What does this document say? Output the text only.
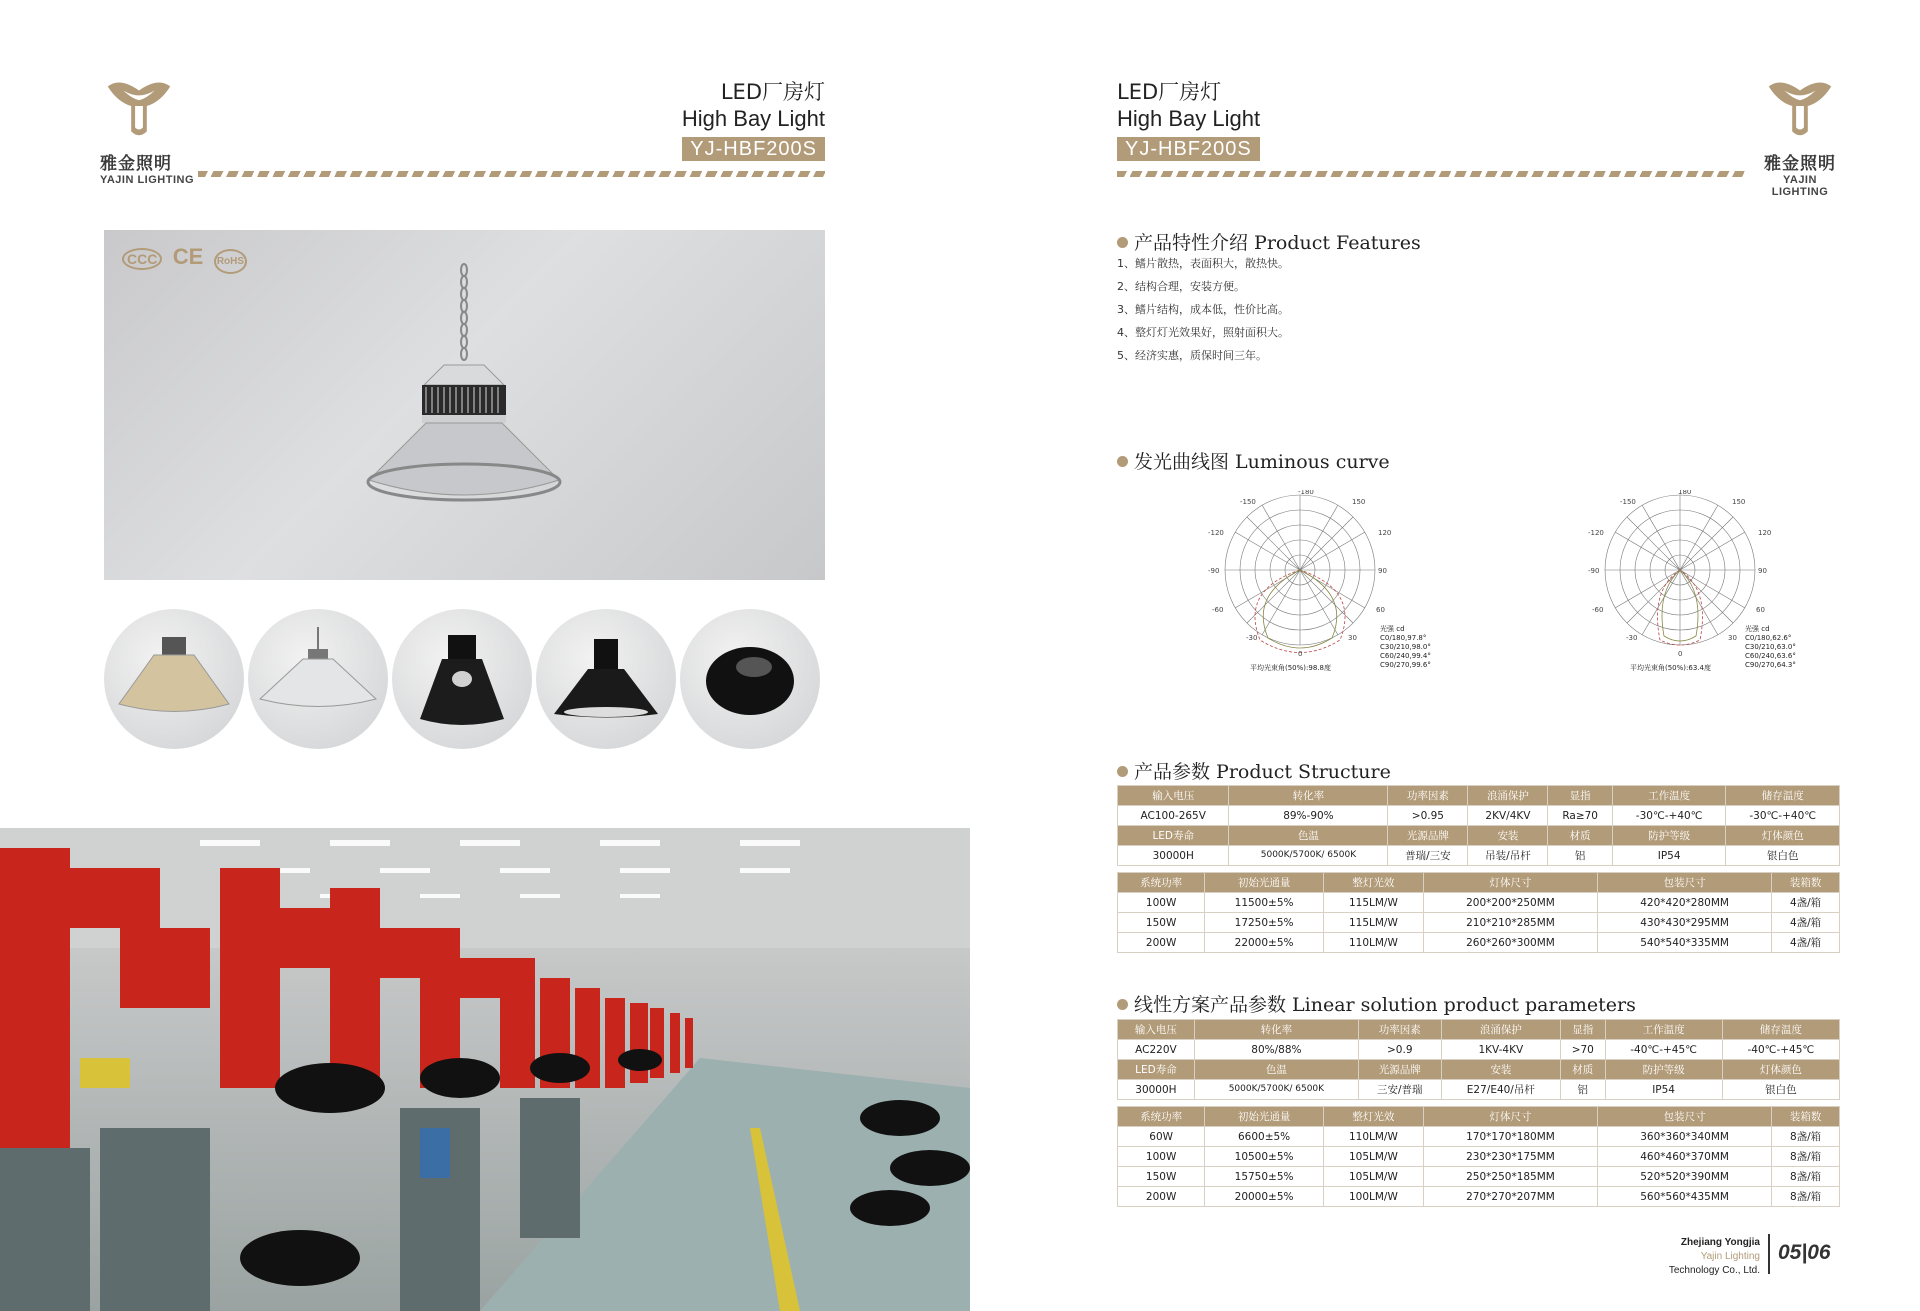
雅金照明
YAJIN LIGHTING
LED厂房灯
High Bay Light
YJ-HBF200S
CCC CE RoHS
LED厂房灯
High Bay Light
YJ-HBF200S
雅金照明
YAJIN LIGHTING
产品特性介绍 Product Features
1、鳍片散热，表面积大，散热快。
2、结构合理，安装方便。
3、鳍片结构，成本低，性价比高。
4、整灯灯光效果好，照射面积大。
5、经济实惠，质保时间三年。
发光曲线图 Luminous curve
-180
-150	150
-120	120
-90	90
-60	60
-30	30
0
光强 cd
C0/180,97.8°
C30/210,98.0°
C60/240,99.4°
C90/270,99.6°
平均光束角(50%):98.8度
180
-150	150
-120	120
-90	90
-60	60
-30	30
0
光强 cd
C0/180,62.6°
C30/210,63.0°
C60/240,63.6°
C90/270,64.3°
平均光束角(50%):63.4度
产品参数 Product Structure
输入电压	转化率	功率因素	浪涌保护	显指	工作温度	储存温度
AC100-265V	89%-90%	>0.95	2KV/4KV	Ra≥70	-30℃-+40℃	-30℃-+40℃
LED寿命	色温	光源品牌	安装	材质	防护等级	灯体颜色
30000H	5000K/5700K/ 6500K	普瑞/三安	吊装/吊杆	铝	IP54	银白色
系统功率	初始光通量	整灯光效	灯体尺寸	包装尺寸	装箱数
100W	11500±5%	115LM/W	200*200*250MM	420*420*280MM	4盏/箱
150W	17250±5%	115LM/W	210*210*285MM	430*430*295MM	4盏/箱
200W	22000±5%	110LM/W	260*260*300MM	540*540*335MM	4盏/箱
线性方案产品参数 Linear solution product parameters
输入电压	转化率	功率因素	浪涌保护	显指	工作温度	储存温度
AC220V	80%/88%	>0.9	1KV-4KV	>70	-40℃-+45℃	-40℃-+45℃
LED寿命	色温	光源品牌	安装	材质	防护等级	灯体颜色
30000H	5000K/5700K/ 6500K	三安/普瑞	E27/E40/吊杆	铝	IP54	银白色
系统功率	初始光通量	整灯光效	灯体尺寸	包装尺寸	装箱数
60W	6600±5%	110LM/W	170*170*180MM	360*360*340MM	8盏/箱
100W	10500±5%	105LM/W	230*230*175MM	460*460*370MM	8盏/箱
150W	15750±5%	105LM/W	250*250*185MM	520*520*390MM	8盏/箱
200W	20000±5%	100LM/W	270*270*207MM	560*560*435MM	8盏/箱
Zhejiang Yongjia
Yajin Lighting
Technology Co., Ltd.
05|06
